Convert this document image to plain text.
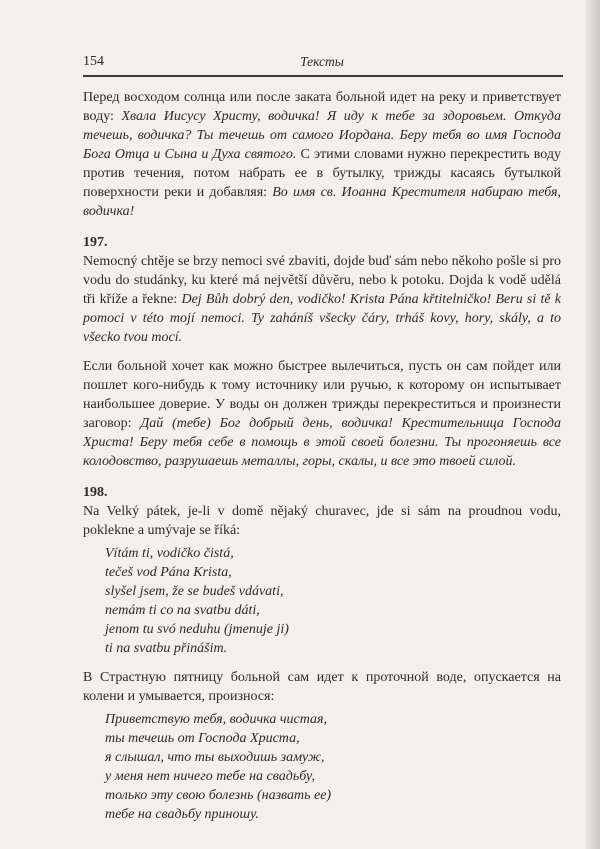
154	Тексты

Перед восходом солнца или после заката больной идет на реку и приветствует воду: Хвала Иисусу Христу, водичка! Я иду к тебе за здоровьем. Откуда течешь, водичка? Ты течешь от самого Иордана. Беру тебя во имя Господа Бога Отца и Сына и Духа святого. С этими словами нужно перекрестить воду против течения, потом набрать ее в бутылку, трижды касаясь бутылкой поверхности реки и добавляя: Во имя св. Иоанна Крестителя набираю тебя, водичка!

197.

Nemocný chtěje se brzy nemoci své zbaviti, dojde buď sám nebo někoho pošle si pro vodu do studánky, ku které má největší důvěru, nebo k potoku. Dojda k vodě udělá tři kříže a řekne: Dej Bůh dobrý den, vodičko! Krista Pána křtitelničko! Beru si tě k pomoci v této mojí nemoci. Ty zaháníš všecky čáry, trháš kovy, hory, skály, a to všecko tvou mocí.

Если больной хочет как можно быстрее вылечиться, пусть он сам пойдет или пошлет кого-нибудь к тому источнику или ручью, к которому он испытывает наибольшее доверие. У воды он должен трижды перекреститься и произнести заговор: Дай (тебе) Бог добрый день, водичка! Крестительница Господа Христа! Беру тебя себе в помощь в этой своей болезни. Ты прогоняешь все колодовство, разрушаешь металлы, горы, скалы, и все это твоей силой.

198.

Na Velký pátek, je-li v domě nějaký churavec, jde si sám na proudnou vodu, poklekne a umývaje se říká:

Vítám ti, vodičko čistá,
tečeš vod Pána Krista,
slyšel jsem, že se budeš vdávati,
nemám ti co na svatbu dáti,
jenom tu svó neduhu (jmenuje ji)
ti na svatbu přinášim.

В Страстную пятницу больной сам идет к проточной воде, опускается на колени и умывается, произнося:

Приветствую тебя, водичка чистая,
ты течешь от Господа Христа,
я слышал, что ты выходишь замуж,
у меня нет ничего тебе на свадьбу,
только эту свою болезнь (назвать ее)
тебе на свадьбу приношу.
